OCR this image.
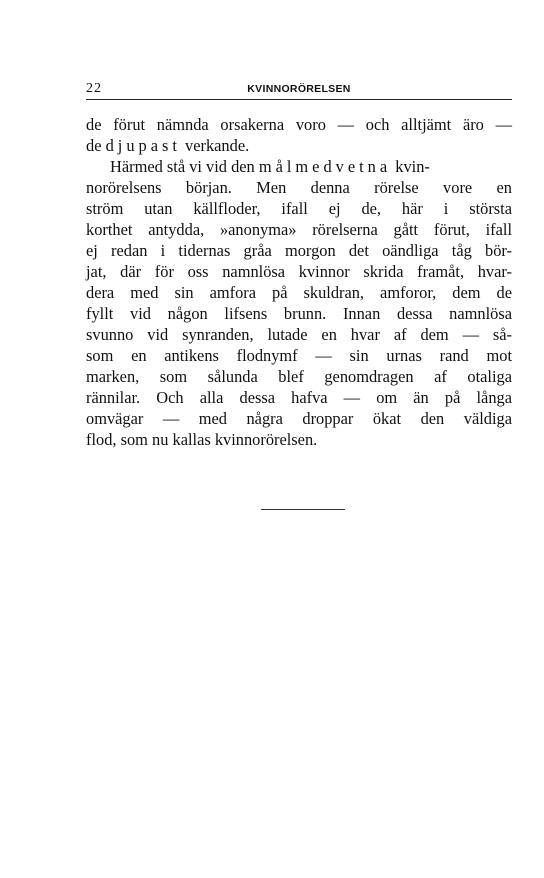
22	KVINNORÖRELSEN
de förut nämnda orsakerna voro — och alltjämt äro —
de djupast verkande.
Härmed stå vi vid den målmedvetna kvin-
norörelsens början. Men denna rörelse vore en
ström utan källfloder, ifall ej de, här i största
korthet antydda, »anonyma» rörelserna gått förut, ifall
ej redan i tidernas gråa morgon det oändliga tåg bör-
jat, där för oss namnlösa kvinnor skrida framåt, hvar-
dera med sin amfora på skuldran, amforor, dem de
fyllt vid någon lifsens brunn. Innan dessa namnlösa
svunno vid synranden, lutade en hvar af dem — så-
som en antikens flodnymf — sin urnas rand mot
marken, som sålunda blef genomdragen af otaliga
rännilar. Och alla dessa hafva — om än på långa
omvägar — med några droppar ökat den väldiga
flod, som nu kallas kvinnorörelsen.
